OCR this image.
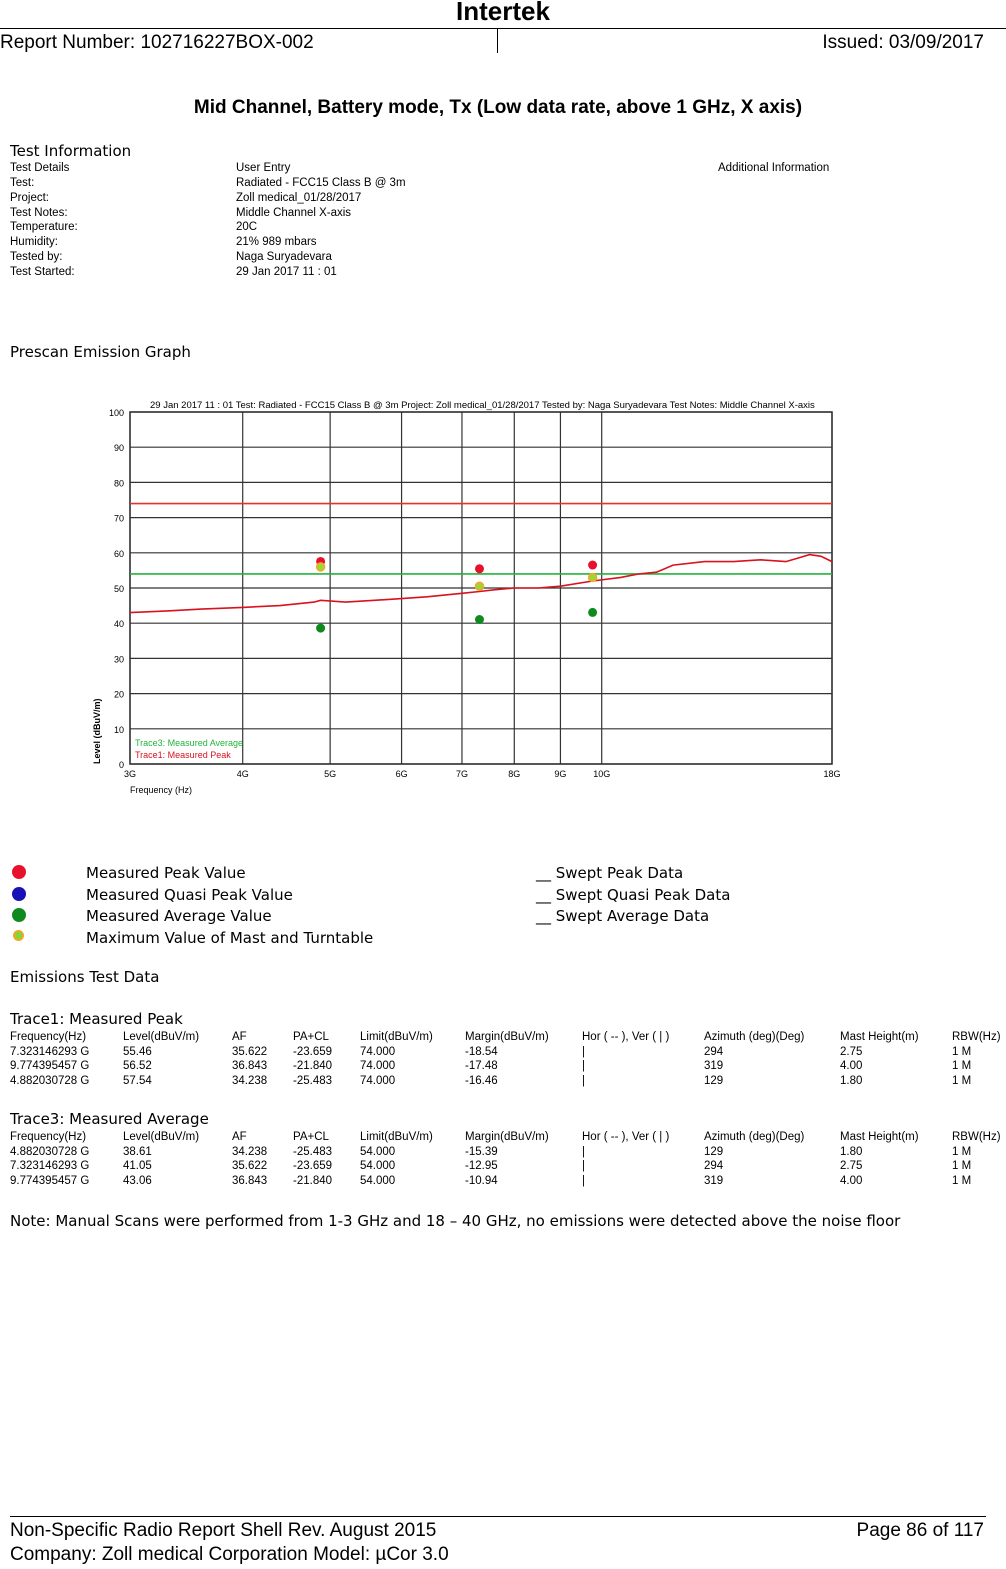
Intertek
Report Number: 102716227BOX-002	Issued: 03/09/2017
Mid Channel, Battery mode, Tx (Low data rate, above 1 GHz, X axis)
Test Information
Test Details	User Entry	Additional Information
Test:	Radiated - FCC15 Class B @ 3m
Project:	Zoll medical_01/28/2017
Test Notes:	Middle Channel X-axis
Temperature:	20C
Humidity:	21% 989 mbars
Tested by:	Naga Suryadevara
Test Started:	29 Jan 2017 11 : 01
Prescan Emission Graph
0
10
20
30
40
50
60
70
80
90
100
3G	4G	5G	6G	7G	8G	9G	10G	18G
29 Jan 2017 11 : 01 Test: Radiated - FCC15 Class B @ 3m Project: Zoll medical_01/28/2017 Tested by: Naga Suryadevara Test Notes: Middle Channel X-axis
Frequency (Hz)
Level (dBuV/m)	Trace3: Measured Average
Trace1: Measured Peak
Measured Peak Value
Measured Quasi Peak Value
Measured Average Value
Maximum Value of Mast and Turntable
__ Swept Peak Data
__ Swept Quasi Peak Data
__ Swept Average Data
Emissions Test Data
Trace1: Measured Peak
Frequency(Hz)	Level(dBuV/m)	AF	PA+CL	Limit(dBuV/m)	Margin(dBuV/m)	Hor ( -- ), Ver ( | )	Azimuth (deg)(Deg)	Mast Height(m)	RBW(Hz)
7.323146293 G	55.46	35.622 -23.659 74.000	-18.54	|	294	2.75	1 M
9.774395457 G	56.52	36.843 -21.840 74.000	-17.48	|	319	4.00	1 M
4.882030728 G	57.54	34.238 -25.483 74.000	-16.46	|	129	1.80	1 M
Trace3: Measured Average
Frequency(Hz)	Level(dBuV/m)	AF	PA+CL	Limit(dBuV/m)	Margin(dBuV/m)	Hor ( -- ), Ver ( | )	Azimuth (deg)(Deg)	Mast Height(m)	RBW(Hz)
4.882030728 G	38.61	34.238 -25.483 54.000	-15.39	|	129	1.80	1 M
7.323146293 G	41.05	35.622 -23.659 54.000	-12.95	|	294	2.75	1 M
9.774395457 G	43.06	36.843 -21.840 54.000	-10.94	|	319	4.00	1 M
Note: Manual Scans were performed from 1-3 GHz and 18 – 40 GHz, no emissions were detected above the noise floor
Non-Specific Radio Report Shell Rev. August 2015	Page 86 of 117
Company: Zoll medical Corporation Model: µCor 3.0
